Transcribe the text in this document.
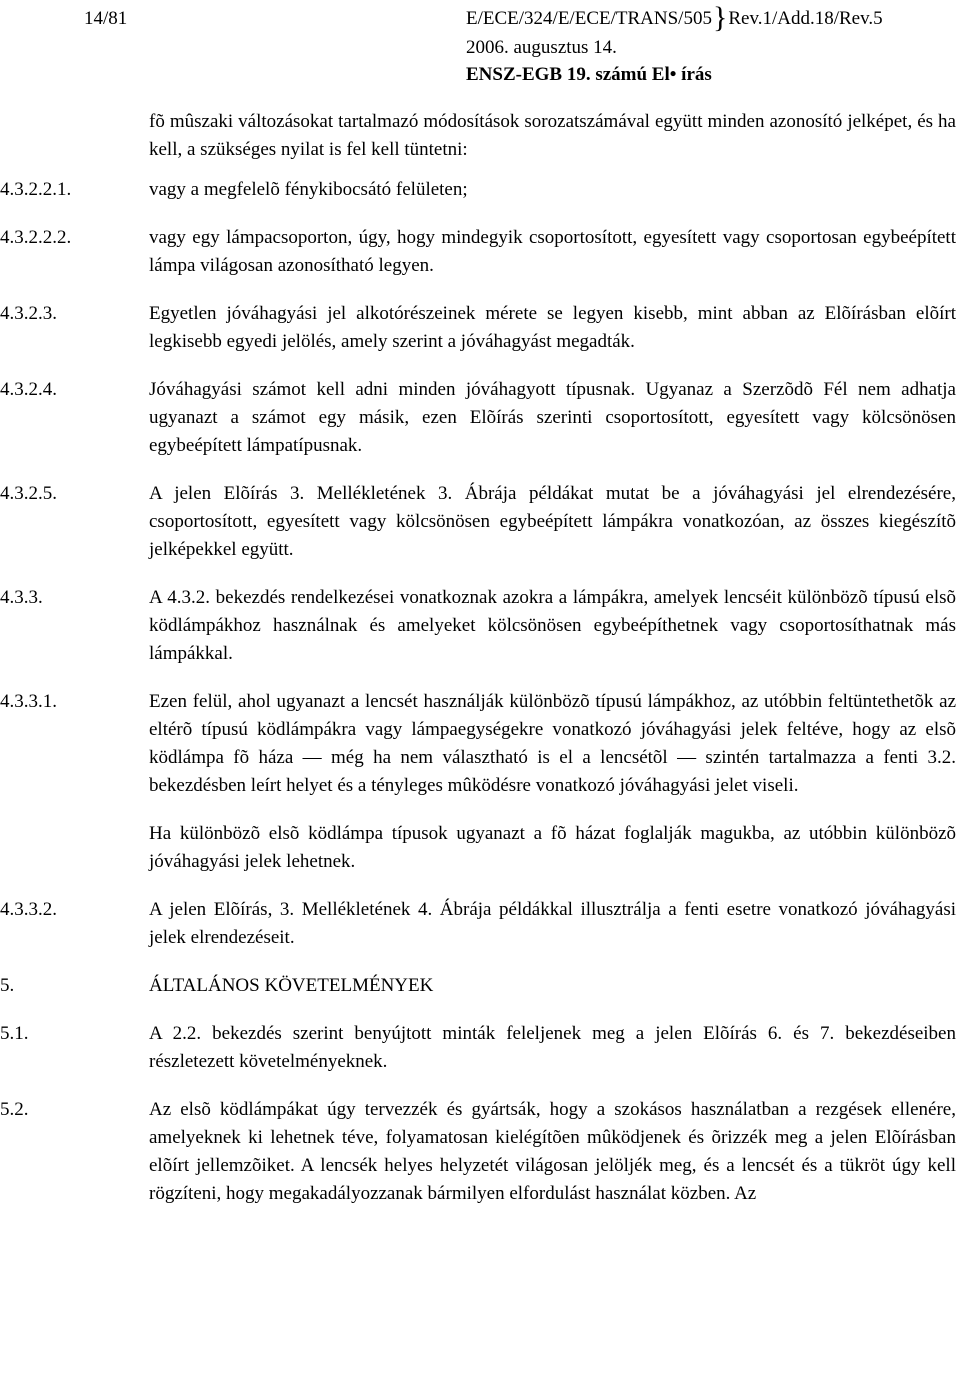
14/81	E/ECE/324/E/ECE/TRANS/505}Rev.1/Add.18/Rev.5
2006. augusztus 14.
ENSZ-EGB 19. számú El• írás
fõ mûszaki változásokat tartalmazó módosítások sorozatszámával együtt minden azonosító jelképet, és ha kell, a szükséges nyilat is fel kell tüntetni:
4.3.2.2.1.	vagy a megfelelõ fénykibocsátó felületen;
4.3.2.2.2.	vagy egy lámpacsoporton, úgy, hogy mindegyik csoportosított, egyesített vagy csoportosan egybeépített lámpa világosan azonosítható legyen.
4.3.2.3.	Egyetlen jóváhagyási jel alkotórészeinek mérete se legyen kisebb, mint abban az Elõírásban elõírt legkisebb egyedi jelölés, amely szerint a jóváhagyást megadták.
4.3.2.4.	Jóváhagyási számot kell adni minden jóváhagyott típusnak. Ugyanaz a Szerzõdõ Fél nem adhatja ugyanazt a számot egy másik, ezen Elõírás szerinti csoportosított, egyesített vagy kölcsönösen egybeépített lámpatípusnak.
4.3.2.5.	A jelen Elõírás 3. Mellékletének 3. Ábrája példákat mutat be a jóváhagyási jel elrendezésére, csoportosított, egyesített vagy kölcsönösen egybeépített lámpákra vonatkozóan, az összes kiegészítõ jelképekkel együtt.
4.3.3.	A 4.3.2. bekezdés rendelkezései vonatkoznak azokra a lámpákra, amelyek lencséit különbözõ típusú elsõ ködlámpákhoz használnak és amelyeket kölcsönösen egybeépíthetnek vagy csoportosíthatnak más lámpákkal.
4.3.3.1.	Ezen felül, ahol ugyanazt a lencsét használják különbözõ típusú lámpákhoz, az utóbbin feltüntethetõk az eltérõ típusú ködlámpákra vagy lámpaegységekre vonatkozó jóváhagyási jelek feltéve, hogy az elsõ ködlámpa fõ háza — még ha nem választható is el a lencsétõl — szintén tartalmazza a fenti 3.2. bekezdésben leírt helyet és a tényleges mûködésre vonatkozó jóváhagyási jelet viseli.
Ha különbözõ elsõ ködlámpa típusok ugyanazt a fõ házat foglalják magukba, az utóbbin különbözõ jóváhagyási jelek lehetnek.
4.3.3.2.	A jelen Elõírás, 3. Mellékletének 4. Ábrája példákkal illusztrálja a fenti esetre vonatkozó jóváhagyási jelek elrendezéseit.
5.	ÁLTALÁNOS KÖVETELMÉNYEK
5.1.	A 2.2. bekezdés szerint benyújtott minták feleljenek meg a jelen Elõírás 6. és 7. bekezdéseiben részletezett követelményeknek.
5.2.	Az elsõ ködlámpákat úgy tervezzék és gyártsák, hogy a szokásos használatban a rezgések ellenére, amelyeknek ki lehetnek téve, folyamatosan kielégítõen mûködjenek és õrizzék meg a jelen Elõírásban elõírt jellemzõiket. A lencsék helyes helyzetét világosan jelöljék meg, és a lencsét és a tükröt úgy kell rögzíteni, hogy megakadályozzanak bármilyen elfordulást használat közben. Az
